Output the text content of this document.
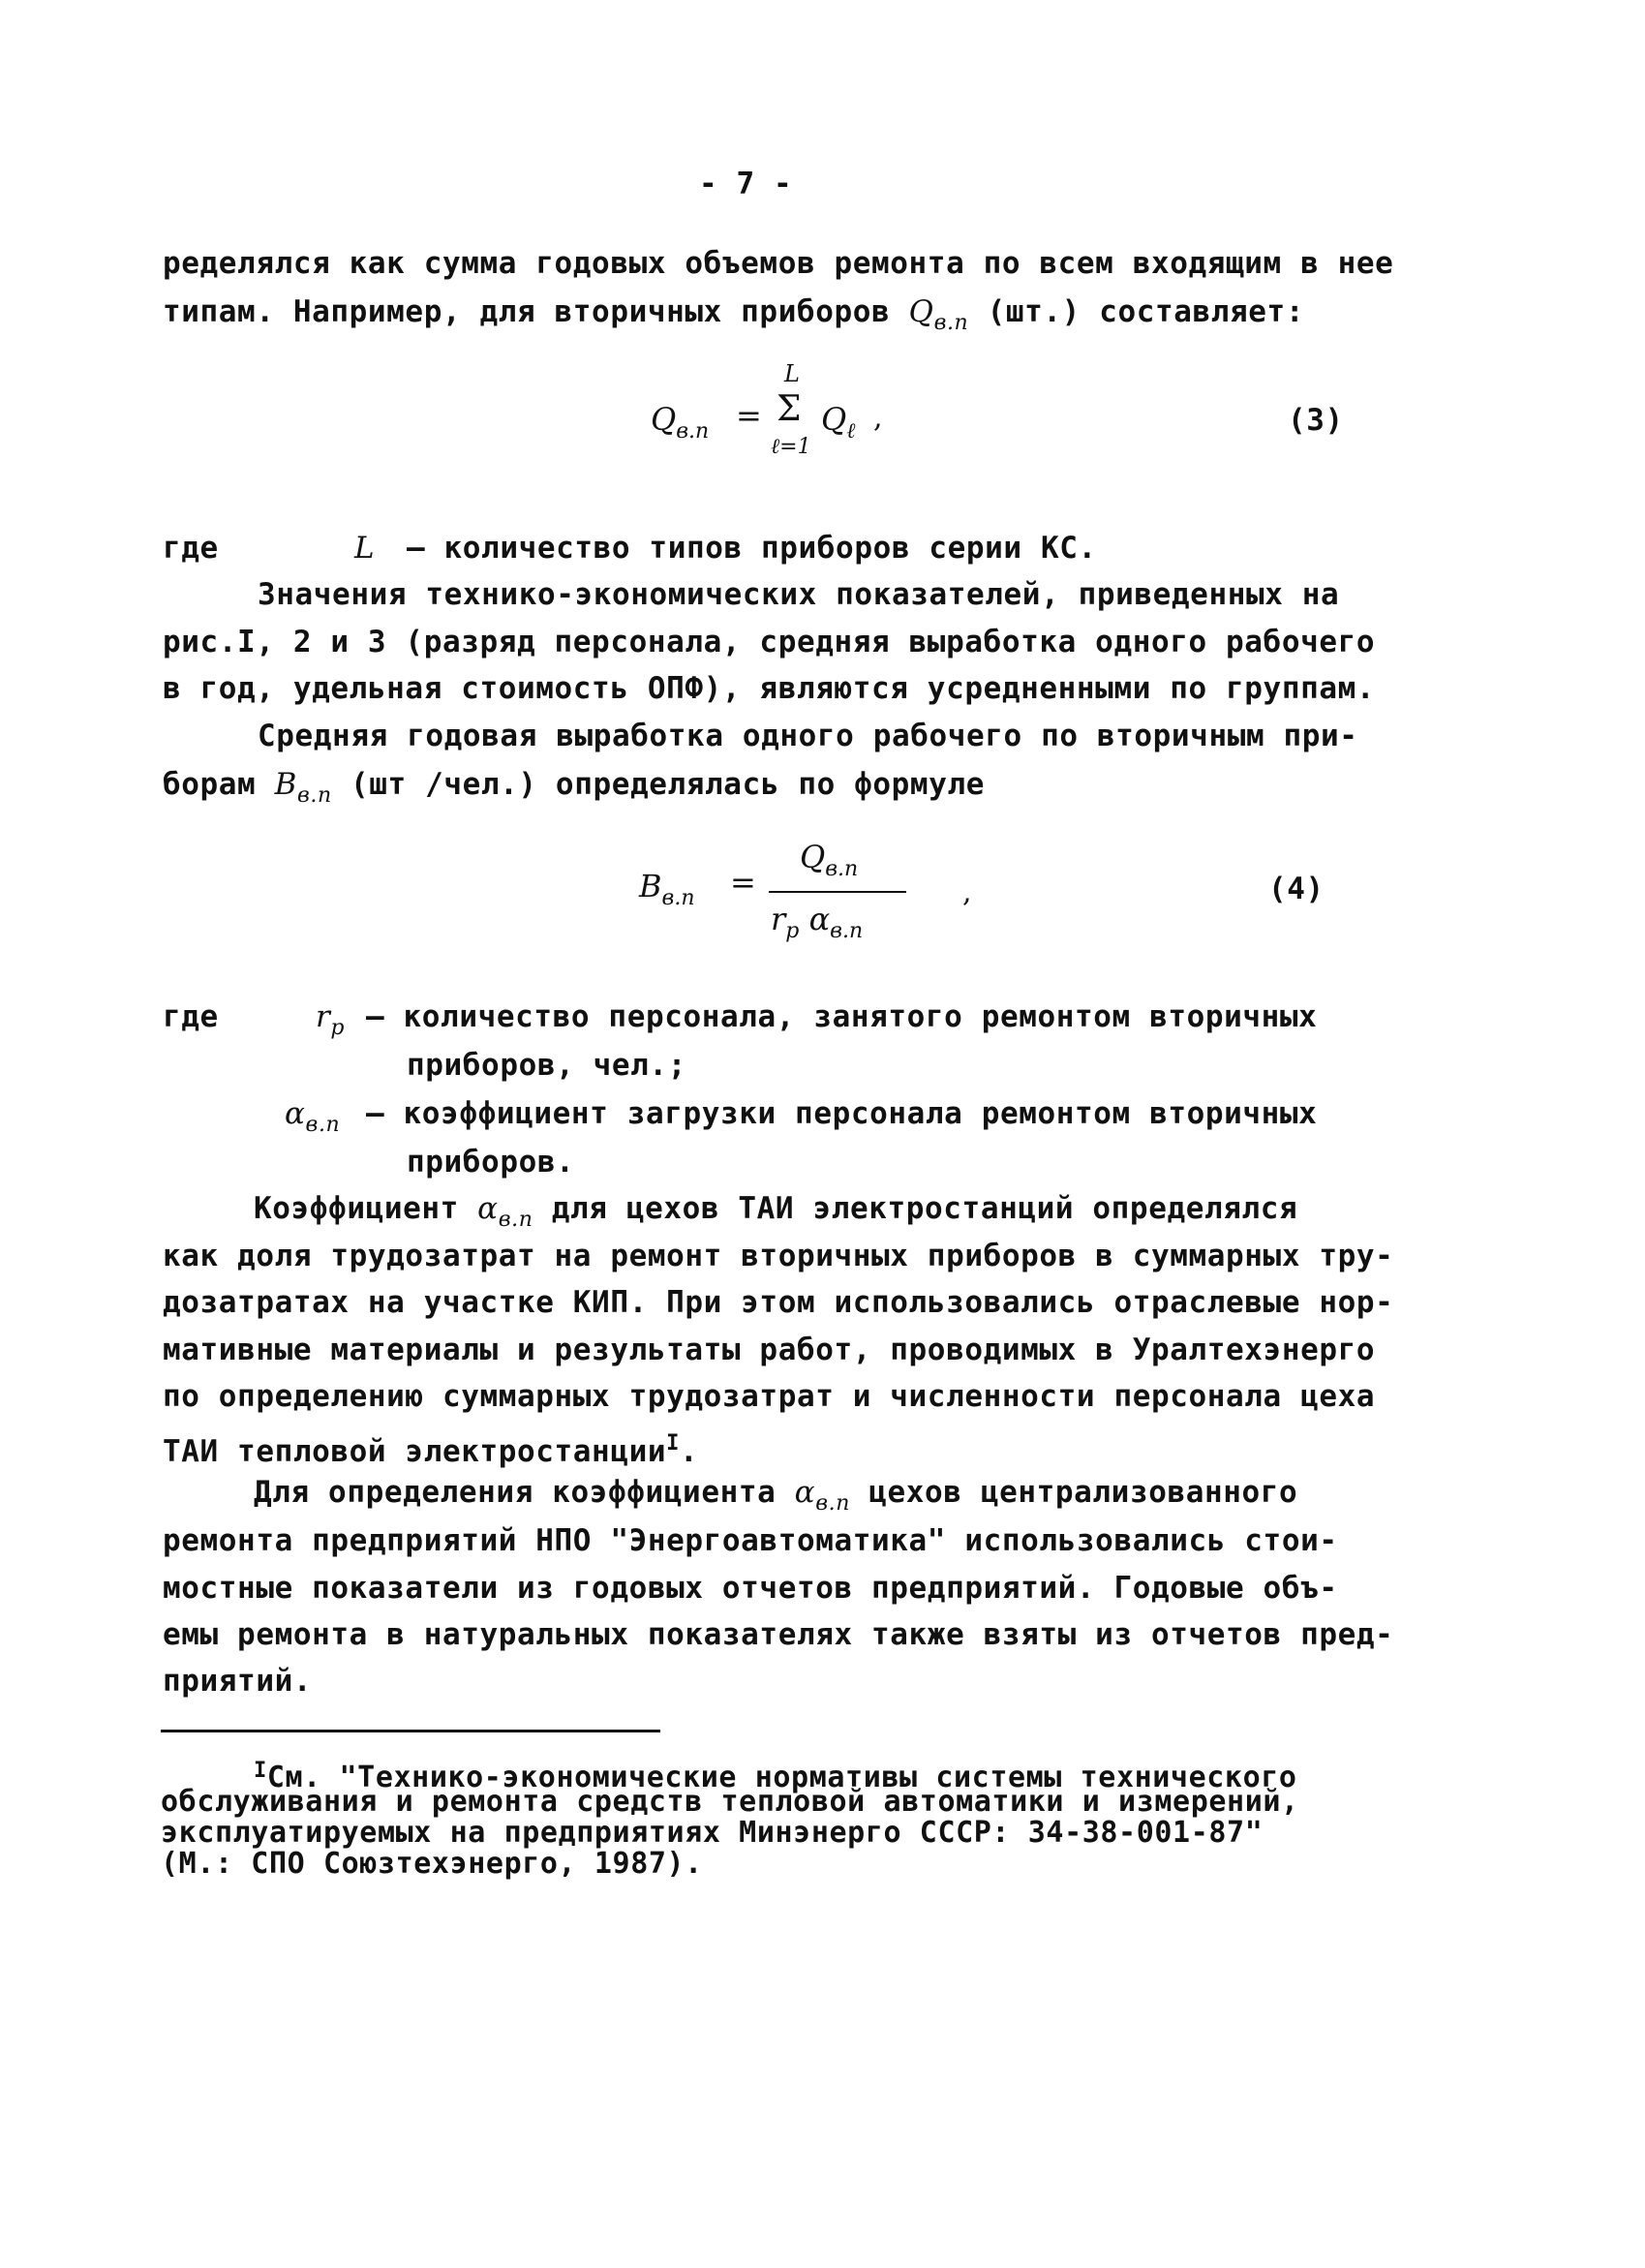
- 7 -
ределялся как сумма годовых объемов ремонта по всем входящим в нее
типам. Например, для вторичных приборов $Q_{в.п}$ (шт.) составляет:
$Q_{в.п}$ =
L
Σ
ℓ=1
$Q_\ell$ ,	(3)
где	L – количество типов приборов серии КС.
Значения технико-экономических показателей, приведенных на
рис.I, 2 и 3 (разряд персонала, средняя выработка одного рабочего
в год, удельная стоимость ОПФ), являются усредненными по группам.
Средняя годовая выработка одного рабочего по вторичным при-
борам $В_{в.п}$ (шт /чел.) определялась по формуле
$В_{в.п}$ =
$Q_{в.п}$
$r_р$ $\alpha_{в.п}$
,	(4)
где	$r_р$ – количество персонала, занятого ремонтом вторичных
приборов, чел.;
$\alpha_{в.п}$ – коэффициент загрузки персонала ремонтом вторичных
приборов.
Коэффициент $\alpha_{в.п}$ для цехов ТАИ электростанций определялся
как доля трудозатрат на ремонт вторичных приборов в суммарных тру-
дозатратах на участке КИП. При этом использовались отраслевые нор-
мативные материалы и результаты работ, проводимых в Уралтехэнерго
по определению суммарных трудозатрат и численности персонала цеха
ТАИ тепловой электростанции$^I$.
Для определения коэффициента $\alpha_{в.п}$ цехов централизованного
ремонта предприятий НПО "Энергоавтоматика" использовались стои-
мостные показатели из годовых отчетов предприятий. Годовые объ-
емы ремонта в натуральных показателях также взяты из отчетов пред-
приятий.
$^I$См. "Технико-экономические нормативы системы технического
обслуживания и ремонта средств тепловой автоматики и измерений,
эксплуатируемых на предприятиях Минэнерго СССР: 34-38-001-87"
(М.: СПО Союзтехэнерго, 1987).
